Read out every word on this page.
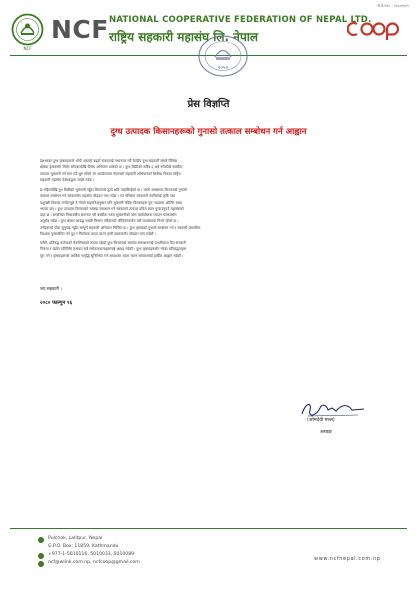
च.नं.१२८ : २०८०/०८१
NCF
NCF NATIONAL COOPERATIVE FEDERATION OF NEPAL LTD.
राष्ट्रिय सहकारी महासंघ लि. नेपाल
२०५०
प्रेस विज्ञप्ति
दुग्ध उत्पादक किसानहरूको गुनासो तत्काल सम्बोधन गर्न आह्वान
देशभरका दुग्ध कृषकहरूले भोग्दै आएको बढ्दो संकटलाई मध्यनजर गर्दै केन्द्रीय दुग्ध सहकारी संघले विभिन्न
क्षेत्रका कृषकसँग मिलेर सोमबारदेखि विरोध अभियान थालेको छ । दुग्ध बिक्रीको करिब ६ अर्ब रुपैयाँको बक्यौता
तत्काल भुक्तानी गर्न माग गर्दै शुरु गरेको सो आन्दोलनमा नेपालको सहकारी अभियानको शिर्षस्थ निकाय राष्ट्रिय
सहकारी महासंघ ऐक्यबद्धता जाहेर गर्दछ ।
छ महिनादेखि दुध बिक्रीको भुक्तानी नहुँदा किसानले ठूलो क्षति व्यहोरिरहेको छ । यस्तो अवस्थामा किसानको गुनासो
तत्काल सम्बोधन गर्न सरकारसँग महासंघ जोडदार माग गर्दछ । गत मंसिरमा सरकारले तपसिलाई कृषि तथा
पशुपंक्षी विकास मन्त्रीज्यूले ने गरेको सहमतिअनुसार पनि भुक्तानी नदिँदा किसानहरू पुनः सडकमा ओर्लिन बाध्य
भएका छन् । दुग्ध उत्पादक किसानको समस्या समाधान गर्न सरकारले तत्काल उचित ध्यान पुर्‍याउनुपर्ने महासंघको
ठहर छ । सम्बन्धित निकायबीच समन्वय गरी बक्यौता रकम भुक्तानीको ठोस कार्ययोजना ल्याउन सरकारसँग
अनुरोध गर्दछ । दुग्ध क्षेत्रमा आबद्ध लाखौं किसान परिवारको जीविकोपार्जन यसै व्यवसायमा निर्भर रहेको छ ।
उनीहरूको पीडा सुनुवाइ नहुँदा सम्पूर्ण सहकारी अभियान चिन्तित छ । दुग्ध कृषकको गुनासो सम्बोधन गर्न र सरकारी प्रणालीमा
विश्वास पुनर्स्थापित गर्न दूत र निर्णायक कदम चाल्न हामी सरकारसँग जोडदार माग गर्दछौं ।
यसैले, प्रतिवद्ध कर्तव्यको वैकल्पिकको रूपमा रहेको दुग्ध किसानको समस्या समाधानलाई प्राथमिकता दिन सरकारी
निकाय र उद्योग प्रतिनिधि लगायत सबै सरोकारवालाहरूलाई आग्रह गर्दछौं । दुग्ध कृषकहरूसँग गरेका प्रतिबद्धताहरू
पूरा गर्न र कृषकहरूको आर्थिक समृद्धि सुनिश्चित गर्न आवश्यक कदम चाल्न सरकारलाई हार्दिक आह्वान गर्दछौं ।
जय सहकारी ।
२०८० फाल्गुन १६
(ओमदेवी मल्ल)
अध्यक्ष
Pulchok, Lalitpur, Nepal
G.P.O. Box: 11859, Kathmandu
+977-1-5010116, 5010033, 5010089
ncf@wlink.com.np, ncfcoop@gmail.com
www.ncfnepal.com.np
